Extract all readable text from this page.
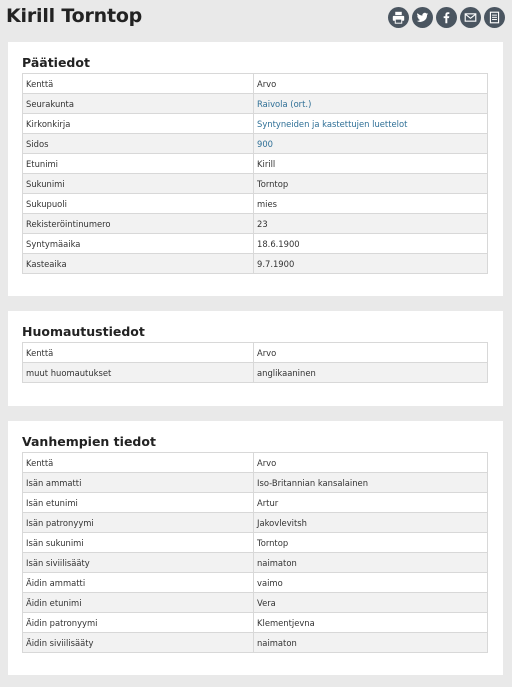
Kirill Torntop
Päätiedot
Kenttä	Arvo
Seurakunta	Raivola (ort.)
Kirkonkirja	Syntyneiden ja kastettujen luettelot
Sidos	900
Etunimi	Kirill
Sukunimi	Torntop
Sukupuoli	mies
Rekisteröintinumero	23
Syntymäaika	18.6.1900
Kasteaika	9.7.1900
Huomautustiedot
Kenttä	Arvo
muut huomautukset	anglikaaninen
Vanhempien tiedot
Kenttä	Arvo
Isän ammatti	Iso-Britannian kansalainen
Isän etunimi	Artur
Isän patronyymi	Jakovlevitsh
Isän sukunimi	Torntop
Isän siviilisääty	naimaton
Äidin ammatti	vaimo
Äidin etunimi	Vera
Äidin patronyymi	Klementjevna
Äidin siviilisääty	naimaton
